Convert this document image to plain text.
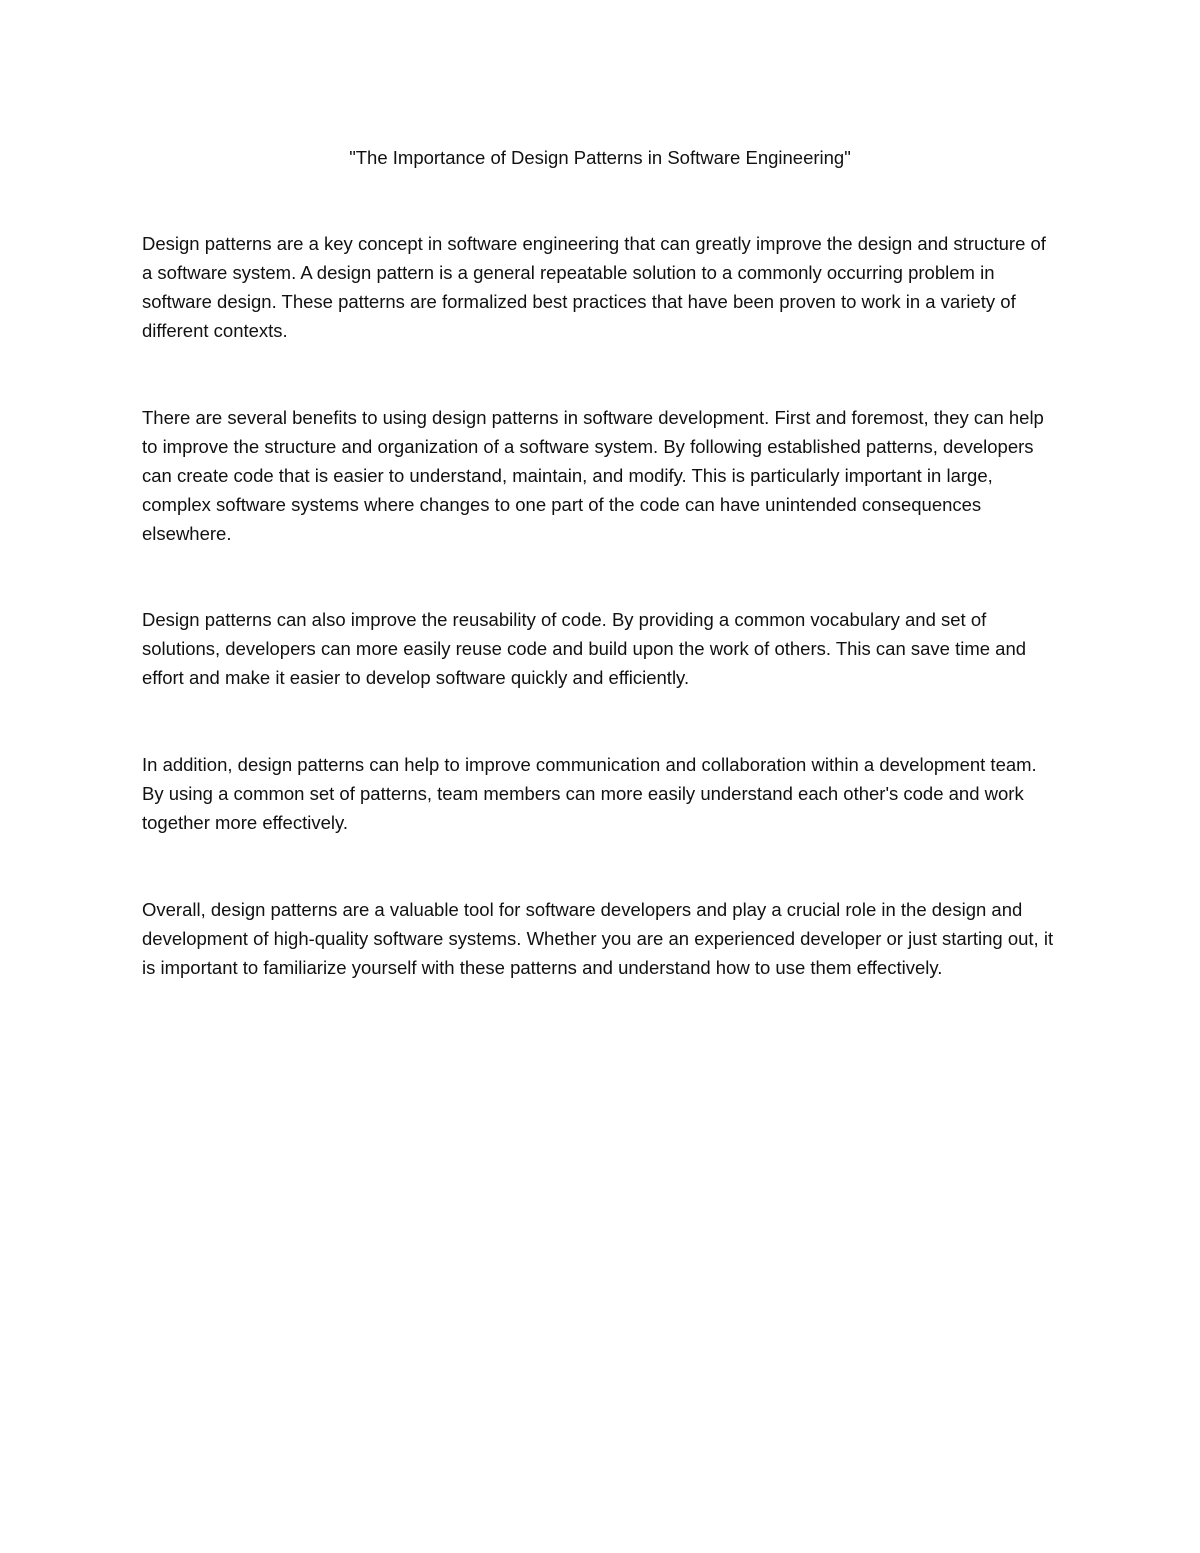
"The Importance of Design Patterns in Software Engineering"

Design patterns are a key concept in software engineering that can greatly improve the design and structure of a software system. A design pattern is a general repeatable solution to a commonly occurring problem in software design. These patterns are formalized best practices that have been proven to work in a variety of different contexts.

There are several benefits to using design patterns in software development. First and foremost, they can help to improve the structure and organization of a software system. By following established patterns, developers can create code that is easier to understand, maintain, and modify. This is particularly important in large, complex software systems where changes to one part of the code can have unintended consequences elsewhere.

Design patterns can also improve the reusability of code. By providing a common vocabulary and set of solutions, developers can more easily reuse code and build upon the work of others. This can save time and effort and make it easier to develop software quickly and efficiently.

In addition, design patterns can help to improve communication and collaboration within a development team. By using a common set of patterns, team members can more easily understand each other's code and work together more effectively.

Overall, design patterns are a valuable tool for software developers and play a crucial role in the design and development of high-quality software systems. Whether you are an experienced developer or just starting out, it is important to familiarize yourself with these patterns and understand how to use them effectively.
